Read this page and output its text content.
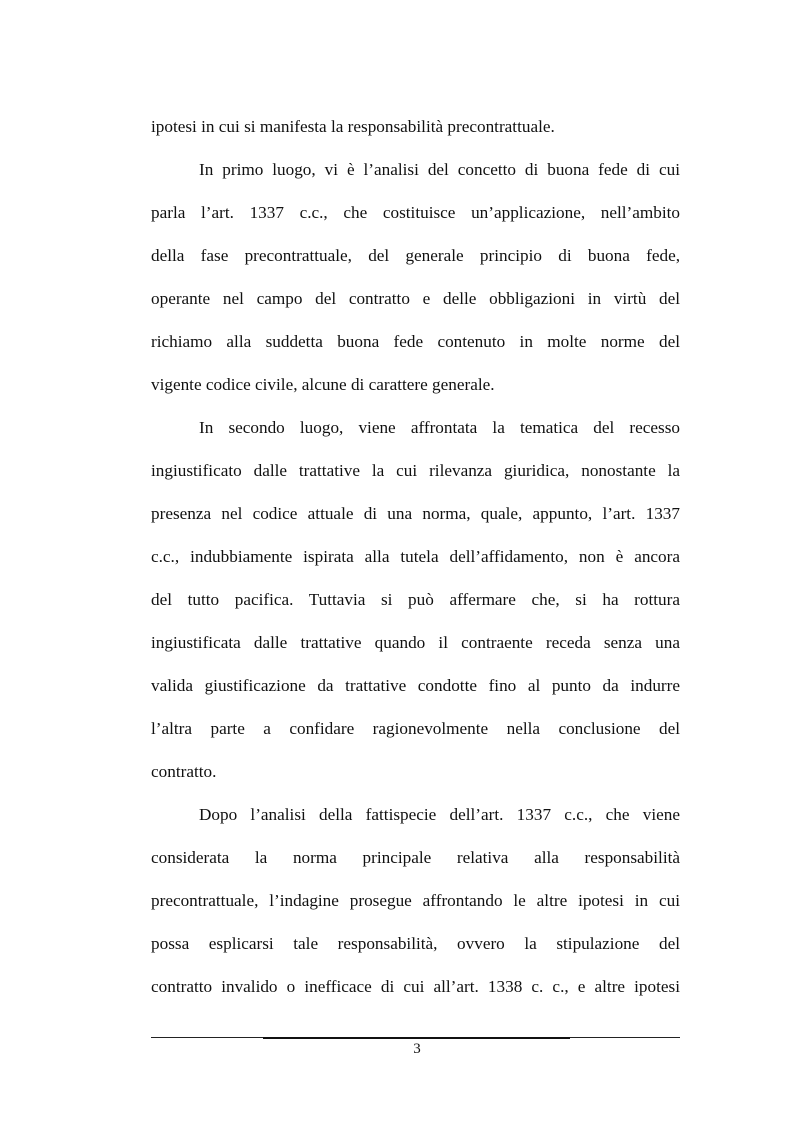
ipotesi in cui si manifesta la responsabilità precontrattuale.
In primo luogo, vi è l’analisi del concetto di buona fede di cui
parla l’art. 1337 c.c., che costituisce un’applicazione, nell’ambito
della fase precontrattuale, del generale principio di buona fede,
operante nel campo del contratto e delle obbligazioni in virtù del
richiamo alla suddetta buona fede contenuto in molte norme del
vigente codice civile, alcune di carattere generale.
In secondo luogo, viene affrontata la tematica del recesso
ingiustificato dalle trattative la cui rilevanza giuridica, nonostante la
presenza nel codice attuale di una norma, quale, appunto, l’art. 1337
c.c., indubbiamente ispirata alla tutela dell’affidamento, non è ancora
del tutto pacifica. Tuttavia si può affermare che, si ha rottura
ingiustificata dalle trattative quando il contraente receda senza una
valida giustificazione da trattative condotte fino al punto da indurre
l’altra parte a confidare ragionevolmente nella conclusione del
contratto.
Dopo l’analisi della fattispecie dell’art. 1337 c.c., che viene
considerata la norma principale relativa alla responsabilità
precontrattuale, l’indagine prosegue affrontando le altre ipotesi in cui
possa esplicarsi tale responsabilità, ovvero la stipulazione del
contratto invalido o inefficace di cui all’art. 1338 c. c., e altre ipotesi
3
